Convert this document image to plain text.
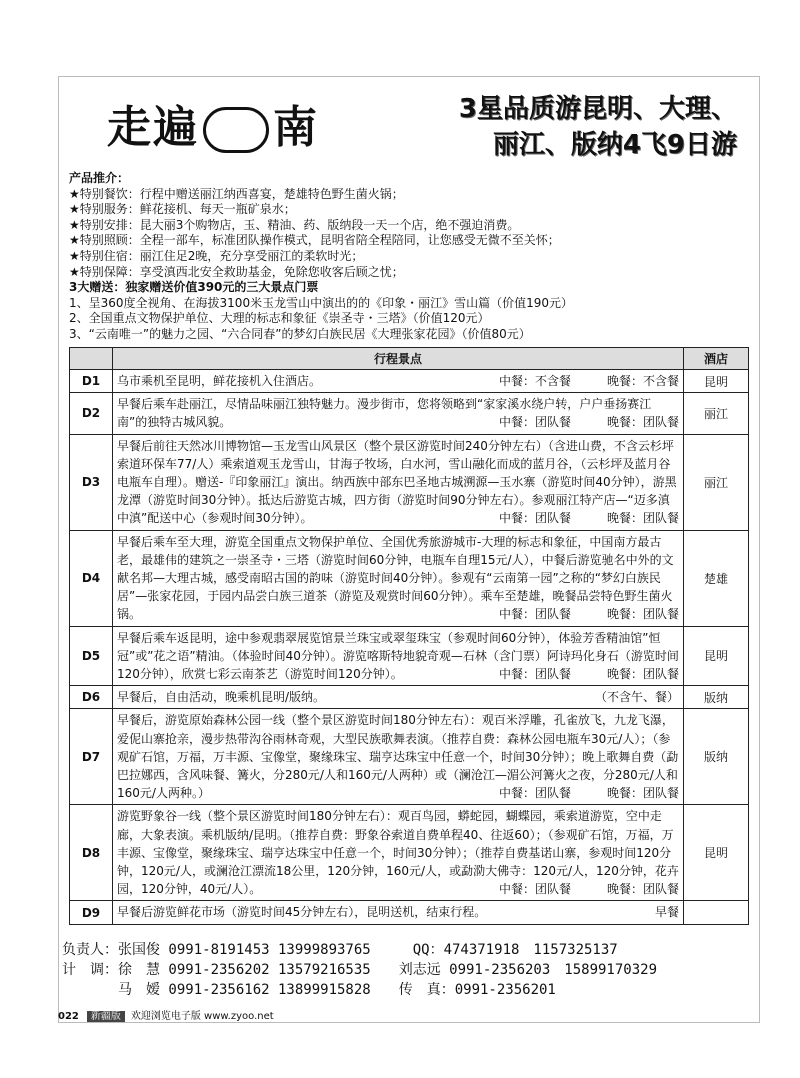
走遍 南	3星品质游昆明、大理、
丽江、版纳4飞9日游
产品推介：
★特别餐饮：行程中赠送丽江纳西喜宴，楚雄特色野生菌火锅；
★特别服务：鲜花接机、每天一瓶矿泉水；
★特别安排：昆大丽3个购物店，玉、精油、药、版纳段一天一个店，绝不强迫消费。
★特别照顾：全程一部车，标准团队操作模式，昆明省陪全程陪同，让您感受无微不至关怀；
★特别住宿：丽江住足2晚，充分享受丽江的柔软时光；
★特别保障：享受滇西北安全救助基金，免除您收客后顾之忧；
3大赠送：独家赠送价值390元的三大景点门票
1、呈360度全视角、在海拔3100米玉龙雪山中演出的的《印象・丽江》雪山篇（价值190元）
2、全国重点文物保护单位、大理的标志和象征《崇圣寺・三塔》（价值120元）
3、“云南唯一”的魅力之园、“六合同春”的梦幻白族民居《大理张家花园》（价值80元）
	行程景点	酒店
D1	乌市乘机至昆明，鲜花接机入住酒店。 中餐：不含餐　　　晚餐：不含餐	昆明
D2	早餐后乘车赴丽江，尽情品味丽江独特魅力。漫步街市，您将领略到“家家溪水绕户转，户户垂扬赛江南”的独特古城风貌。 中餐：团队餐　　　晚餐：团队餐	丽江
D3	早餐后前往天然冰川博物馆—玉龙雪山风景区（整个景区游览时间240分钟左右）（含进山费，不含云杉坪索道环保车77/人）乘索道观玉龙雪山，甘海子牧场，白水河，雪山融化而成的蓝月谷，（云杉坪及蓝月谷电瓶车自理）。赠送-『印象丽江』演出。纳西族中部东巴圣地古城溯源—玉水寨（游览时间40分钟），游黑龙潭（游览时间30分钟）。抵达后游览古城，四方街（游览时间90分钟左右）。参观丽江特产店—“迈多滇中滇”配送中心（参观时间30分钟）。 中餐：团队餐　　　晚餐：团队餐	丽江
D4	早餐后乘车至大理，游览全国重点文物保护单位、全国优秀旅游城市-大理的标志和象征，中国南方最古老，最雄伟的建筑之一崇圣寺・三塔（游览时间60分钟，电瓶车自理15元/人），中餐后游览驰名中外的文献名邦—大理古城，感受南昭古国的韵味（游览时间40分钟）。参观有“云南第一园”之称的“梦幻白族民居”—张家花园，于园内品尝白族三道茶（游览及观赏时间60分钟）。乘车至楚雄，晚餐品尝特色野生菌火锅。 中餐：团队餐　　　晚餐：团队餐	楚雄
D5	早餐后乘车返昆明，途中参观翡翠展览馆景兰珠宝或翠玺珠宝（参观时间60分钟），体验芳香精油馆”恒冠”或”花之语”精油。（体验时间40分钟）。游览喀斯特地貌奇观—石林（含门票）阿诗玛化身石（游览时间120分钟），欣赏七彩云南茶艺（游览时间120分钟）。 中餐：团队餐　　　晚餐：团队餐	昆明
D6	早餐后，自由活动，晚乘机昆明/版纳。 （不含午、餐）	版纳
D7	早餐后，游览原始森林公园一线（整个景区游览时间180分钟左右）：观百米浮雕，孔雀放飞，九龙飞瀑，爱伲山寨抢亲，漫步热带沟谷雨林奇观，大型民族歌舞表演。（推荐自费：森林公园电瓶车30元/人）；（参观矿石馆，万福，万丰源、宝像堂，聚缘珠宝、瑞亨达珠宝中任意一个，时间30分钟）；晚上歌舞自费（勐巴拉娜西，含风味餐、篝火，分280元/人和160元/人两种）或（澜沧江—湄公河篝火之夜，分280元/人和160元/人两种。） 中餐：团队餐　　　晚餐：团队餐	版纳
D8	游览野象谷一线（整个景区游览时间180分钟左右）：观百鸟园，蟒蛇园，蝴蝶园，乘索道游览，空中走廊，大象表演。乘机版纳/昆明。（推荐自费：野象谷索道自费单程40、往返60）；（参观矿石馆，万福，万丰源、宝像堂，聚缘珠宝、瑞亨达珠宝中任意一个，时间30分钟）；（推荐自费基诺山寨，参观时间120分钟，120元/人，或澜沧江漂流18公里，120分钟，160元/人，或勐泐大佛寺：120元/人，120分钟，花卉园，120分钟，40元/人）。 中餐：团队餐　　　晚餐：团队餐	昆明
D9	早餐后游览鲜花市场（游览时间45分钟左右），昆明送机，结束行程。 早餐	

负责人：张国俊 0991-8191453 13999893765　　　QQ：474371918　1157325137
计　调：徐　慧 0991-2356202 13579216535　　刘志远 0991-2356203　15899170329
　　　　马　嫒 0991-2356162 13899915828　　传　真：0991-2356201
022 新疆版 欢迎浏览电子版 www.zyoo.net
